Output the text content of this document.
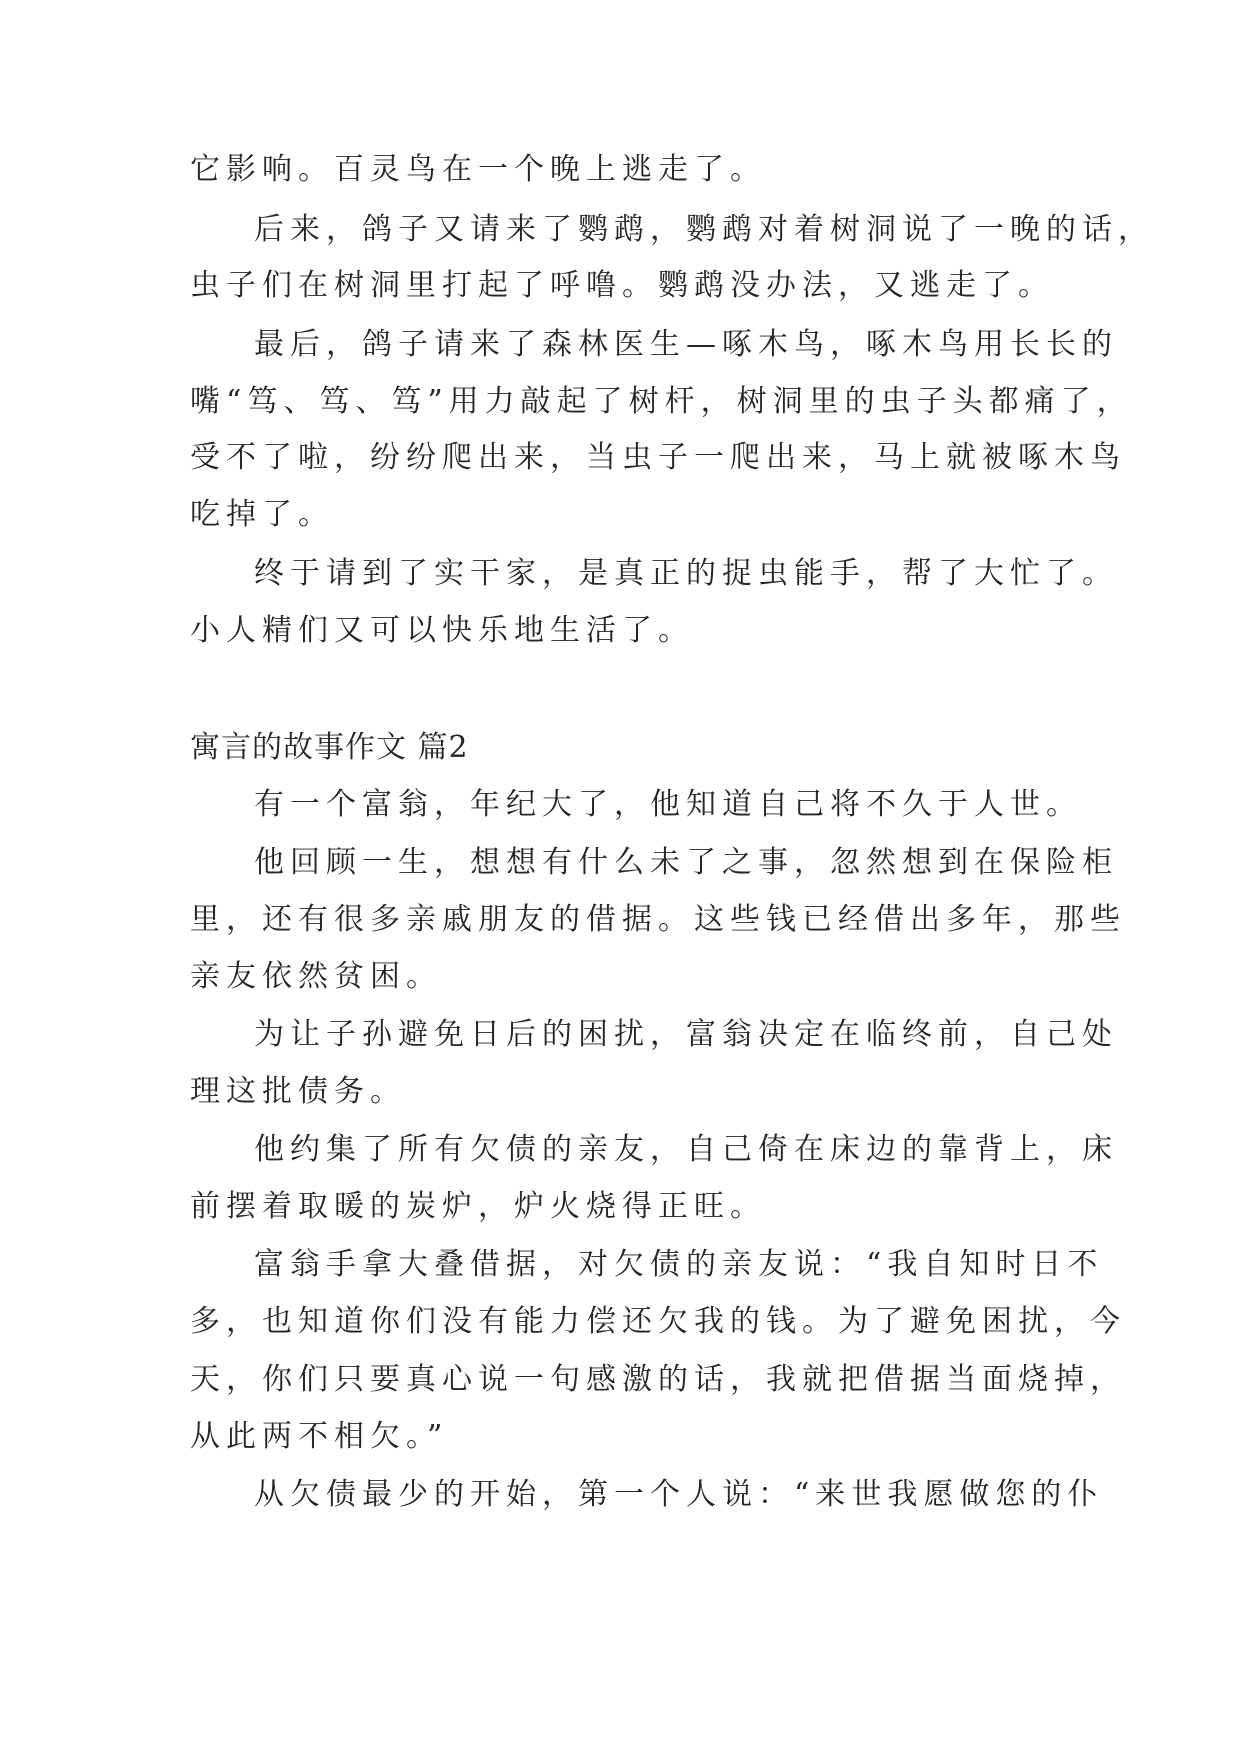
它影响。百灵鸟在一个晚上逃走了。
后来，鸽子又请来了鹦鹉，鹦鹉对着树洞说了一晚的话，
虫子们在树洞里打起了呼噜。鹦鹉没办法，又逃走了。
最后，鸽子请来了森林医生—啄木鸟，啄木鸟用长长的
嘴“笃、笃、笃”用力敲起了树杆，树洞里的虫子头都痛了，
受不了啦，纷纷爬出来，当虫子一爬出来，马上就被啄木鸟
吃掉了。
终于请到了实干家，是真正的捉虫能手，帮了大忙了。
小人精们又可以快乐地生活了。
寓言的故事作文 篇2
有一个富翁，年纪大了，他知道自己将不久于人世。
他回顾一生，想想有什么未了之事，忽然想到在保险柜
里，还有很多亲戚朋友的借据。这些钱已经借出多年，那些
亲友依然贫困。
为让子孙避免日后的困扰，富翁决定在临终前，自己处
理这批债务。
他约集了所有欠债的亲友，自己倚在床边的靠背上，床
前摆着取暖的炭炉，炉火烧得正旺。
富翁手拿大叠借据，对欠债的亲友说：“我自知时日不
多，也知道你们没有能力偿还欠我的钱。为了避免困扰，今
天，你们只要真心说一句感激的话，我就把借据当面烧掉，
从此两不相欠。”
从欠债最少的开始，第一个人说：“来世我愿做您的仆
